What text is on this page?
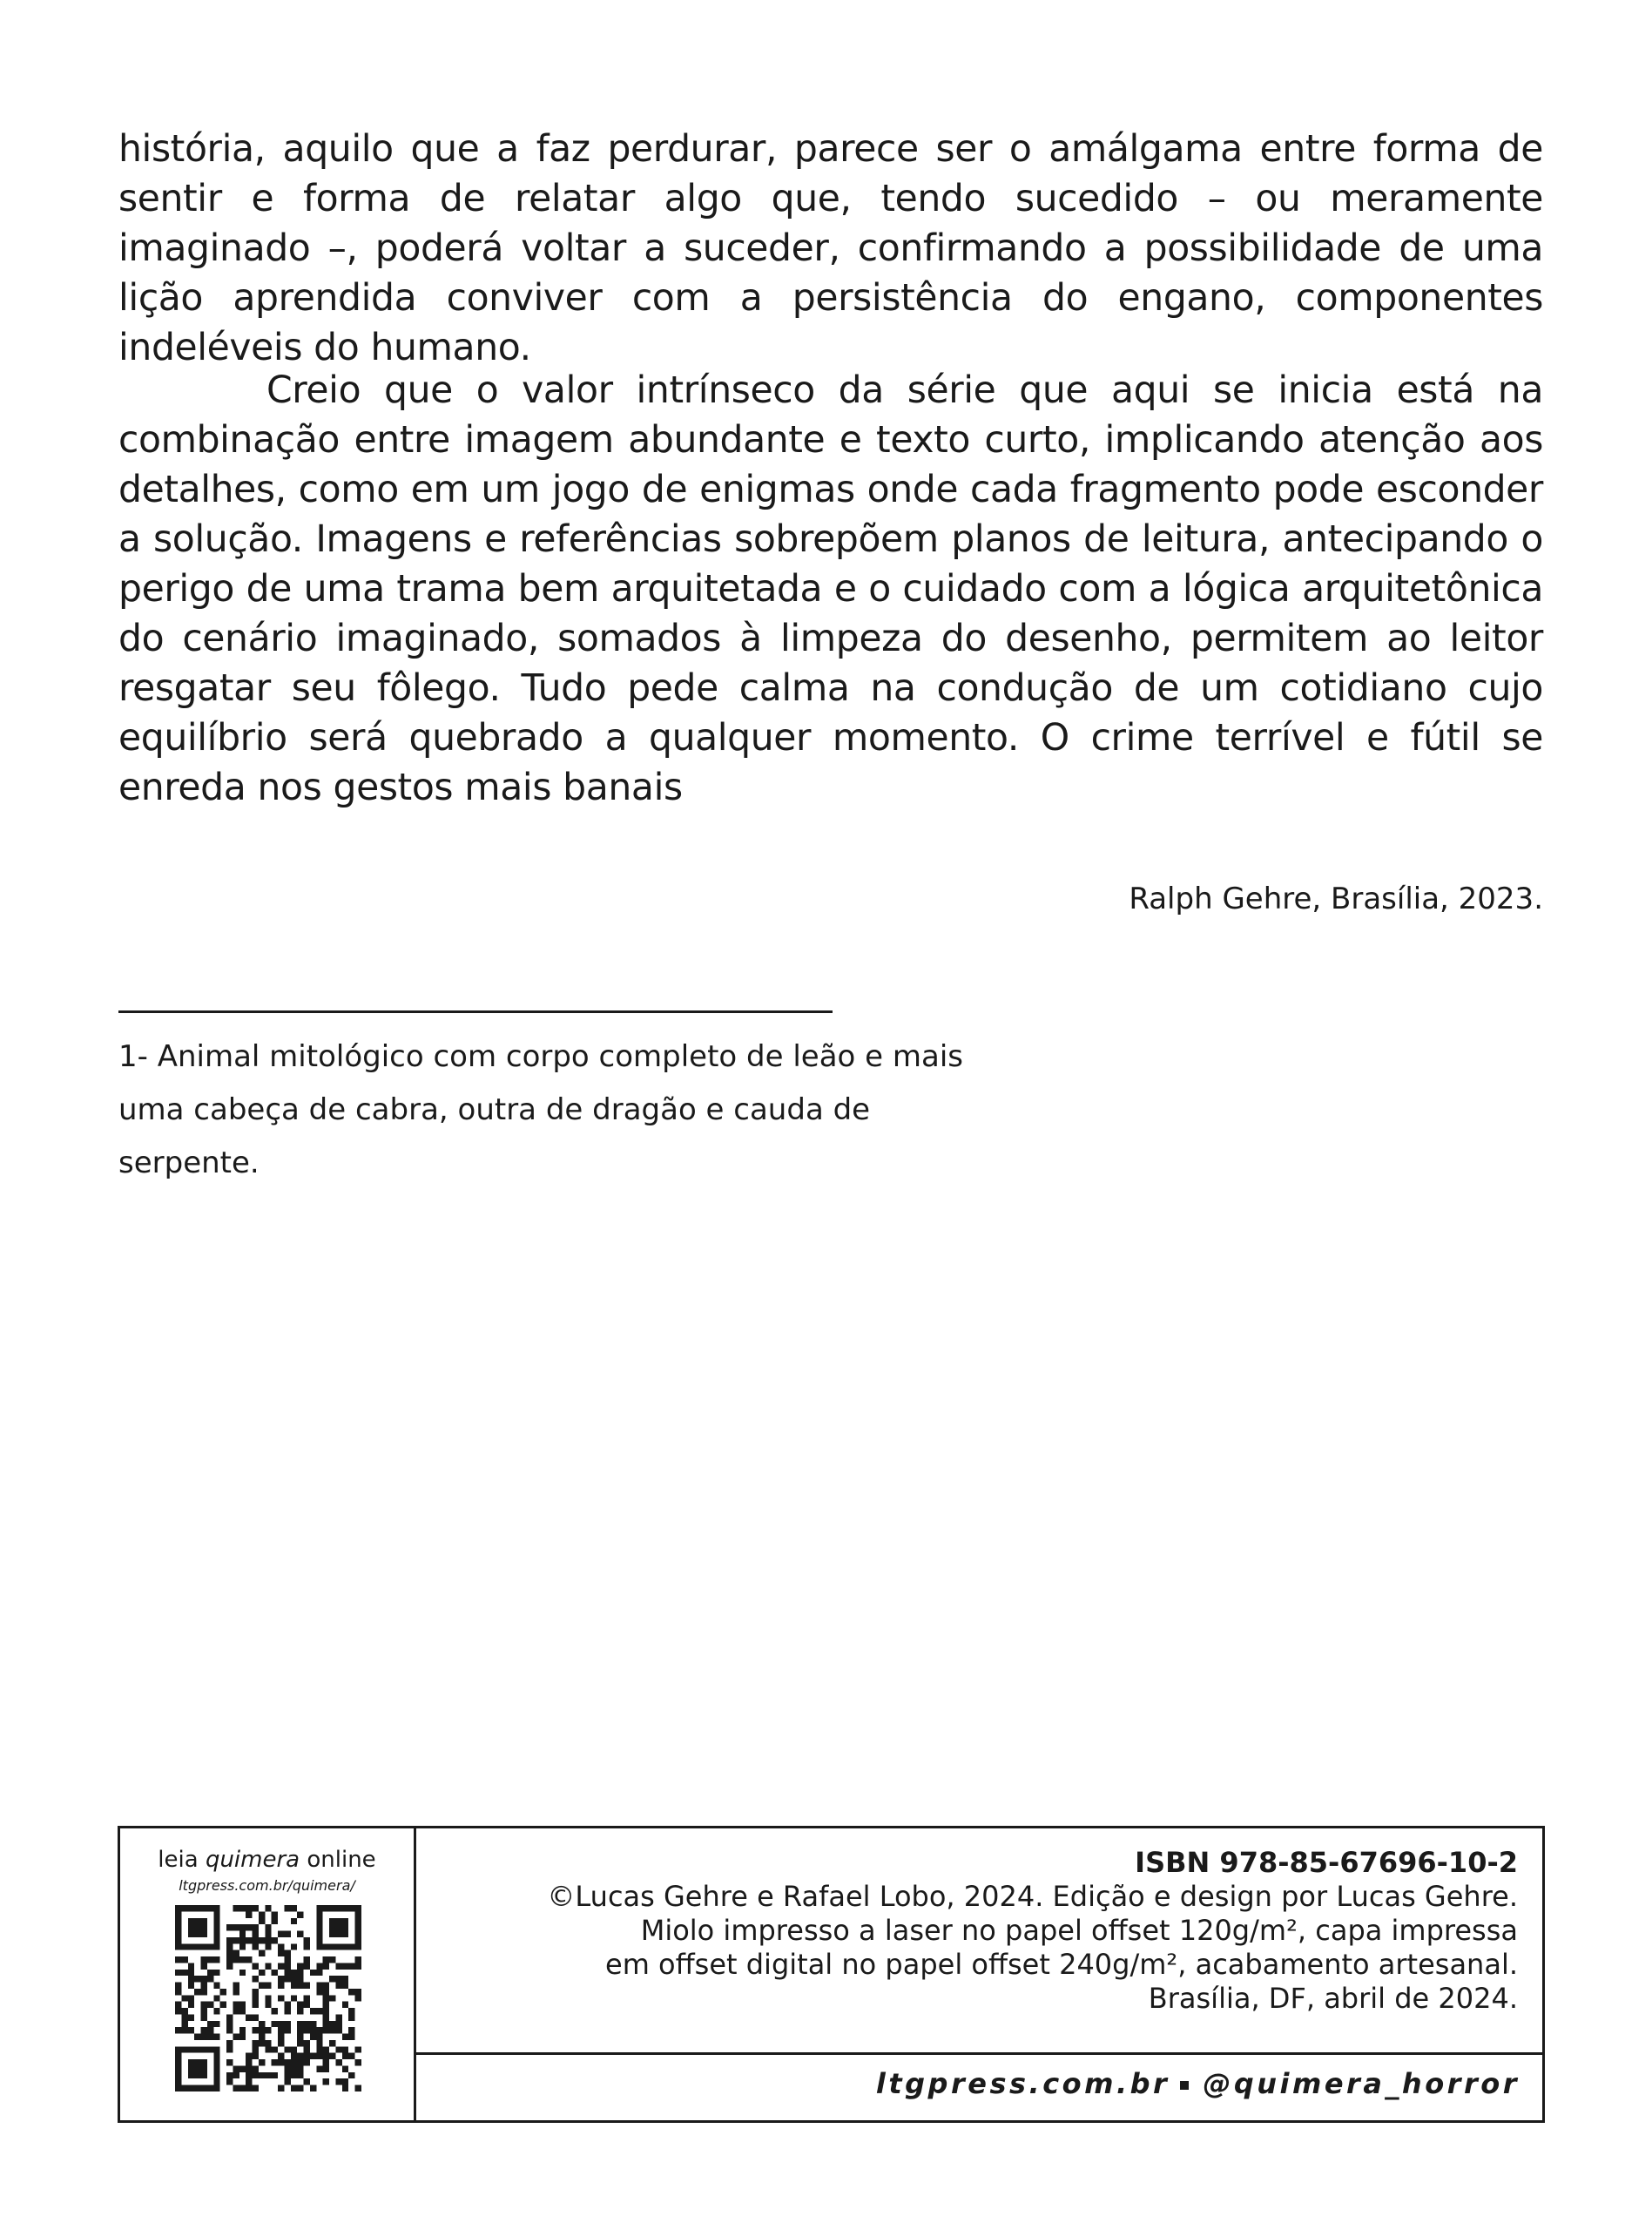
história, aquilo que a faz perdurar, parece ser o amálgama entre forma de sentir e forma de relatar algo que, tendo sucedido – ou meramente imaginado –, poderá voltar a suceder, confirmando a possibilidade de uma lição aprendida conviver com a persistência do engano, componentes indeléveis do humano.

Creio que o valor intrínseco da série que aqui se inicia está na combinação entre imagem abundante e texto curto, implicando atenção aos detalhes, como em um jogo de enigmas onde cada fragmento pode esconder a solução. Imagens e referências sobrepõem planos de leitura, antecipando o perigo de uma trama bem arquitetada e o cuidado com a lógica arquitetônica do cenário imaginado, somados à limpeza do desenho, permitem ao leitor resgatar seu fôlego. Tudo pede calma na condução de um cotidiano cujo equilíbrio será quebrado a qualquer momento. O crime terrível e fútil se enreda nos gestos mais banais

Ralph Gehre, Brasília, 2023.

1- Animal mitológico com corpo completo de leão e mais
uma cabeça de cabra, outra de dragão e cauda de serpente.

leia quimera online
ltgpress.com.br/quimera/
ISBN 978-85-67696-10-2
©Lucas Gehre e Rafael Lobo, 2024. Edição e design por Lucas Gehre.
Miolo impresso a laser no papel offset 120g/m², capa impressa
em offset digital no papel offset 240g/m², acabamento artesanal.
Brasília, DF, abril de 2024.
ltgpress.com.br @quimera_horror
